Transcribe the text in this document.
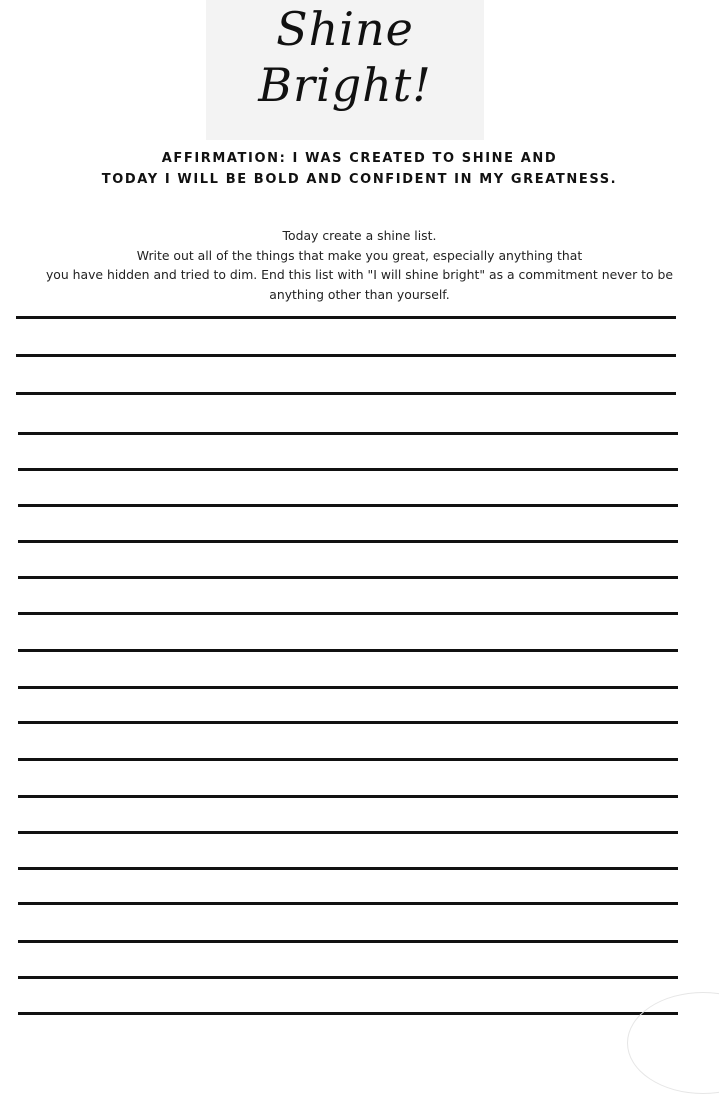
Shine
Bright!
AFFIRMATION: I WAS CREATED TO SHINE AND
TODAY I WILL BE BOLD AND CONFIDENT IN MY GREATNESS.
Today create a shine list.
Write out all of the things that make you great, especially anything that
you have hidden and tried to dim. End this list with "I will shine bright" as a commitment never to be
anything other than yourself.
